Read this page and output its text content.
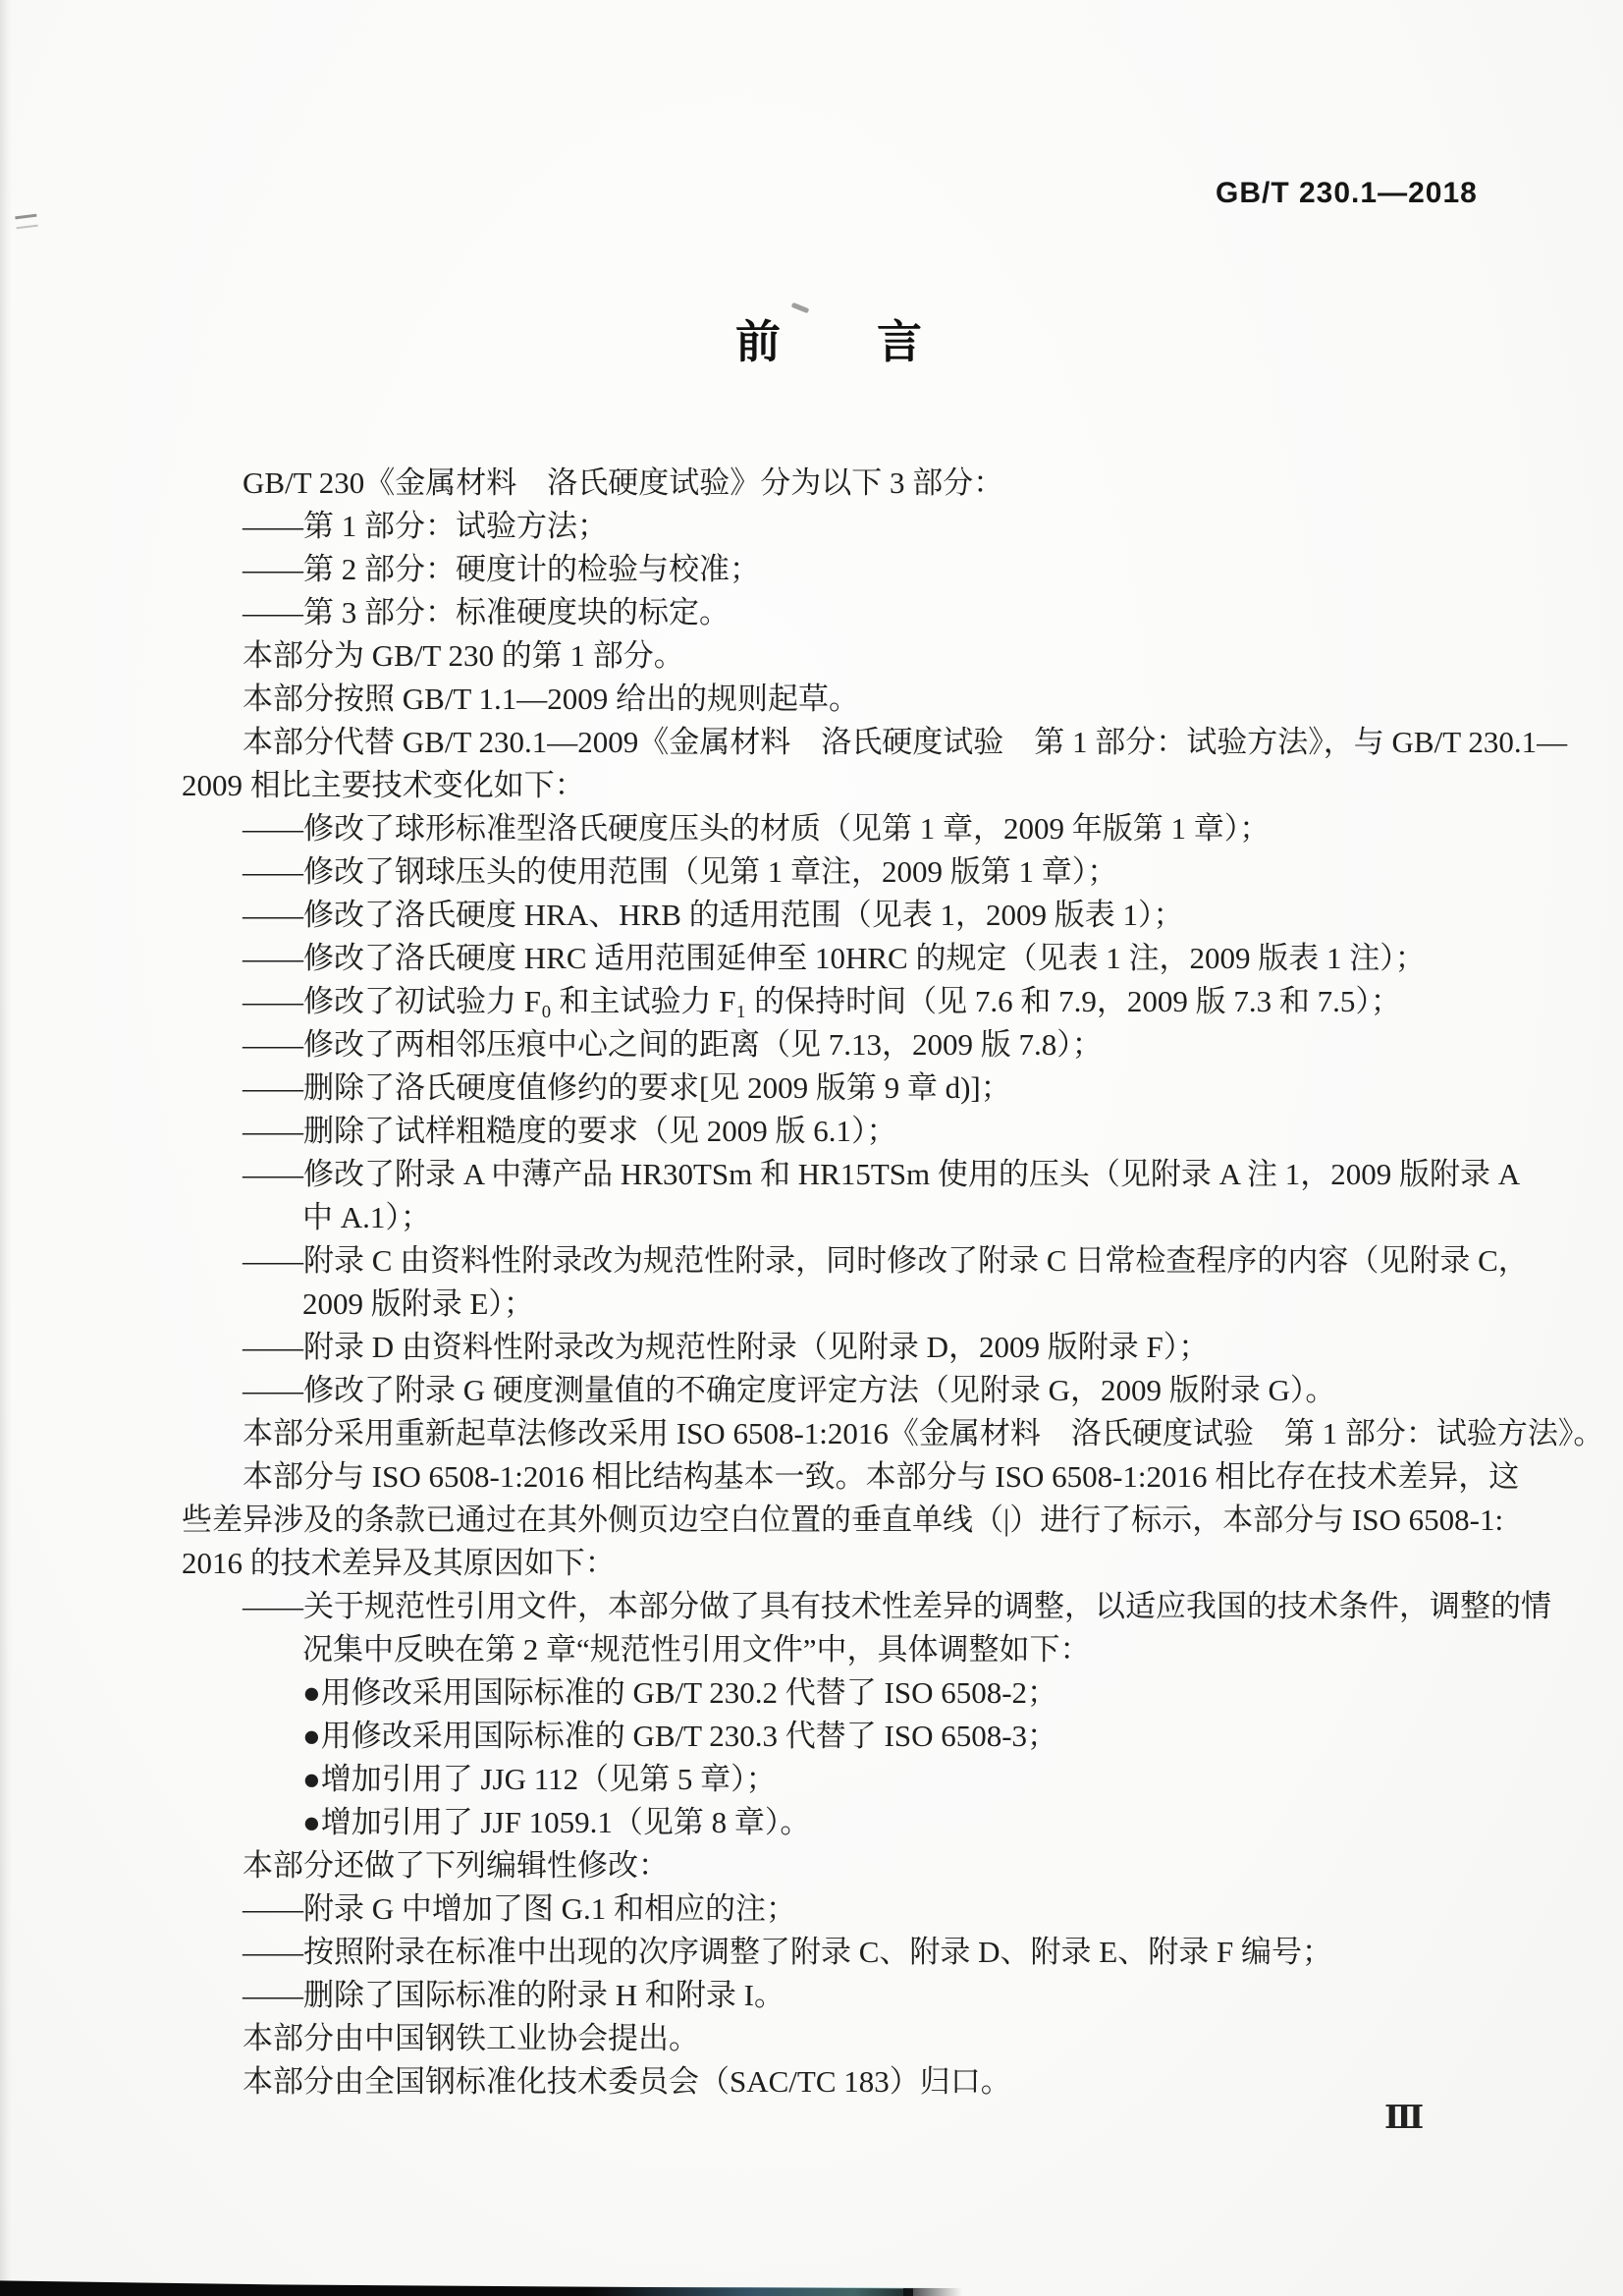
GB/T 230.1—2018
前　　言
GB/T 230《金属材料　洛氏硬度试验》分为以下 3 部分：
——第 1 部分：试验方法；
——第 2 部分：硬度计的检验与校准；
——第 3 部分：标准硬度块的标定。
本部分为 GB/T 230 的第 1 部分。
本部分按照 GB/T 1.1—2009 给出的规则起草。
本部分代替 GB/T 230.1—2009《金属材料　洛氏硬度试验　第 1 部分：试验方法》，与 GB/T 230.1—
2009 相比主要技术变化如下：
——修改了球形标准型洛氏硬度压头的材质（见第 1 章，2009 年版第 1 章）；
——修改了钢球压头的使用范围（见第 1 章注，2009 版第 1 章）；
——修改了洛氏硬度 HRA、HRB 的适用范围（见表 1，2009 版表 1）；
——修改了洛氏硬度 HRC 适用范围延伸至 10HRC 的规定（见表 1 注，2009 版表 1 注）；
——修改了初试验力 F₀ 和主试验力 F₁ 的保持时间（见 7.6 和 7.9，2009 版 7.3 和 7.5）；
——修改了两相邻压痕中心之间的距离（见 7.13，2009 版 7.8）；
——删除了洛氏硬度值修约的要求[见 2009 版第 9 章 d)]；
——删除了试样粗糙度的要求（见 2009 版 6.1）；
——修改了附录 A 中薄产品 HR30TSm 和 HR15TSm 使用的压头（见附录 A 注 1，2009 版附录 A
中 A.1）；
——附录 C 由资料性附录改为规范性附录，同时修改了附录 C 日常检查程序的内容（见附录 C，
2009 版附录 E）；
——附录 D 由资料性附录改为规范性附录（见附录 D，2009 版附录 F）；
——修改了附录 G 硬度测量值的不确定度评定方法（见附录 G，2009 版附录 G）。
本部分采用重新起草法修改采用 ISO 6508-1:2016《金属材料　洛氏硬度试验　第 1 部分：试验方法》。
本部分与 ISO 6508-1:2016 相比结构基本一致。本部分与 ISO 6508-1:2016 相比存在技术差异，这
些差异涉及的条款已通过在其外侧页边空白位置的垂直单线（|）进行了标示，本部分与 ISO 6508-1:
2016 的技术差异及其原因如下：
——关于规范性引用文件，本部分做了具有技术性差异的调整，以适应我国的技术条件，调整的情
况集中反映在第 2 章“规范性引用文件”中，具体调整如下：
●用修改采用国际标准的 GB/T 230.2 代替了 ISO 6508-2；
●用修改采用国际标准的 GB/T 230.3 代替了 ISO 6508-3；
●增加引用了 JJG 112（见第 5 章）；
●增加引用了 JJF 1059.1（见第 8 章）。
本部分还做了下列编辑性修改：
——附录 G 中增加了图 G.1 和相应的注；
——按照附录在标准中出现的次序调整了附录 C、附录 D、附录 E、附录 F 编号；
——删除了国际标准的附录 H 和附录 I。
本部分由中国钢铁工业协会提出。
本部分由全国钢标准化技术委员会（SAC/TC 183）归口。
Ⅲ
